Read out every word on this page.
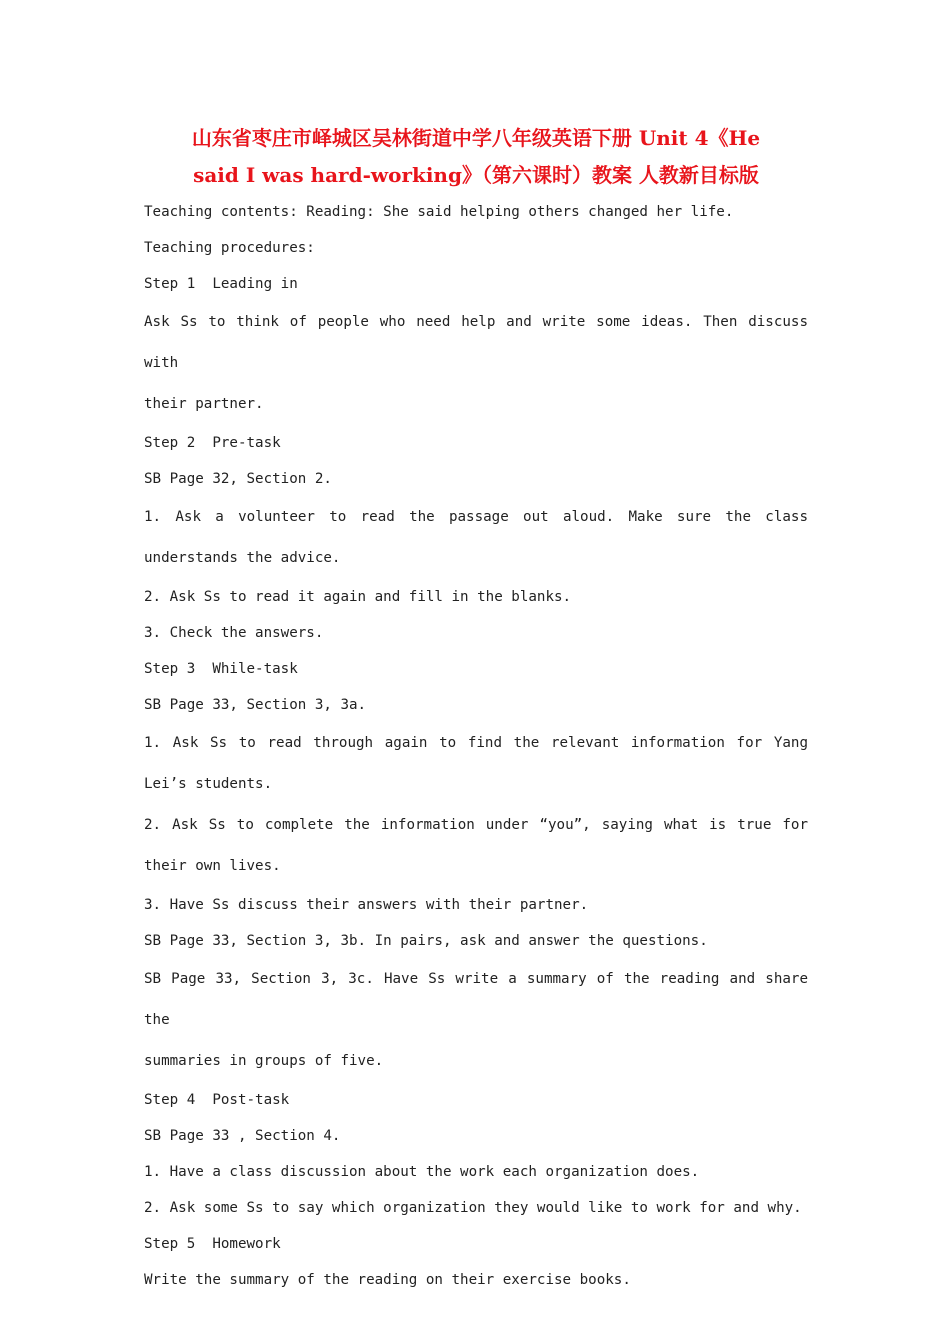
山东省枣庄市峄城区吴林街道中学八年级英语下册 Unit 4《He
said I was hard-working》（第六课时）教案 人教新目标版

Teaching contents: Reading: She said helping others changed her life.

Teaching procedures:

Step 1  Leading in

Ask Ss to think of people who need help and write some ideas. Then discuss with
their partner.

Step 2  Pre-task

SB Page 32, Section 2.

1. Ask a volunteer to read the passage out aloud. Make sure the class
understands the advice.

2. Ask Ss to read it again and fill in the blanks.

3. Check the answers.

Step 3  While-task

SB Page 33, Section 3, 3a.

1. Ask Ss to read through again to find the relevant information for Yang
Lei’s students.

2. Ask Ss to complete the information under “you”, saying what is true for
their own lives.

3. Have Ss discuss their answers with their partner.

SB Page 33, Section 3, 3b. In pairs, ask and answer the questions.

SB Page 33, Section 3, 3c. Have Ss write a summary of the reading and share the
summaries in groups of five.

Step 4  Post-task

SB Page 33 , Section 4.

1. Have a class discussion about the work each organization does.

2. Ask some Ss to say which organization they would like to work for and why.

Step 5  Homework

Write the summary of the reading on their exercise books.
